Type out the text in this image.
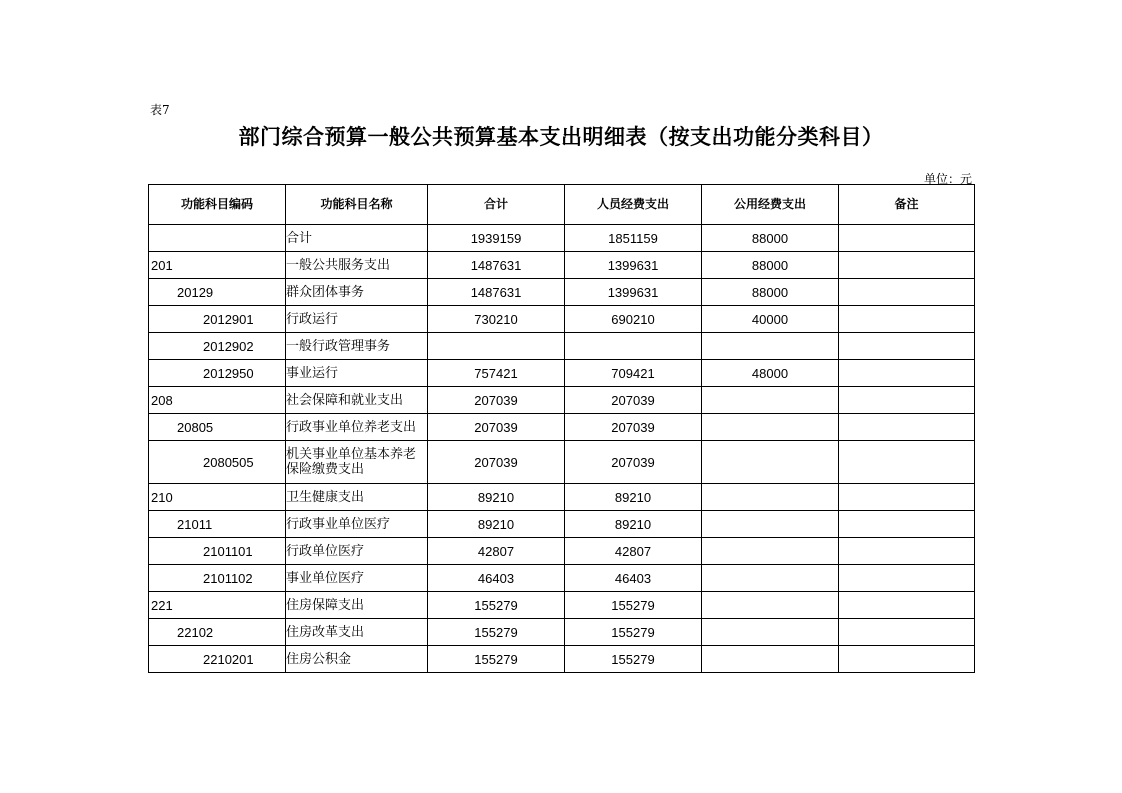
表7
部门综合预算一般公共预算基本支出明细表（按支出功能分类科目）
单位：元
功能科目编码	功能科目名称	合计	人员经费支出	公用经费支出	备注
	合计	1939159	1851159	88000	
201	一般公共服务支出	1487631	1399631	88000	
20129	群众团体事务	1487631	1399631	88000	
2012901	行政运行	730210	690210	40000	
2012902	一般行政管理事务				
2012950	事业运行	757421	709421	48000	
208	社会保障和就业支出	207039	207039		
20805	行政事业单位养老支出	207039	207039		
2080505	机关事业单位基本养老保险缴费支出	207039	207039		
210	卫生健康支出	89210	89210		
21011	行政事业单位医疗	89210	89210		
2101101	行政单位医疗	42807	42807		
2101102	事业单位医疗	46403	46403		
221	住房保障支出	155279	155279		
22102	住房改革支出	155279	155279		
2210201	住房公积金	155279	155279		
